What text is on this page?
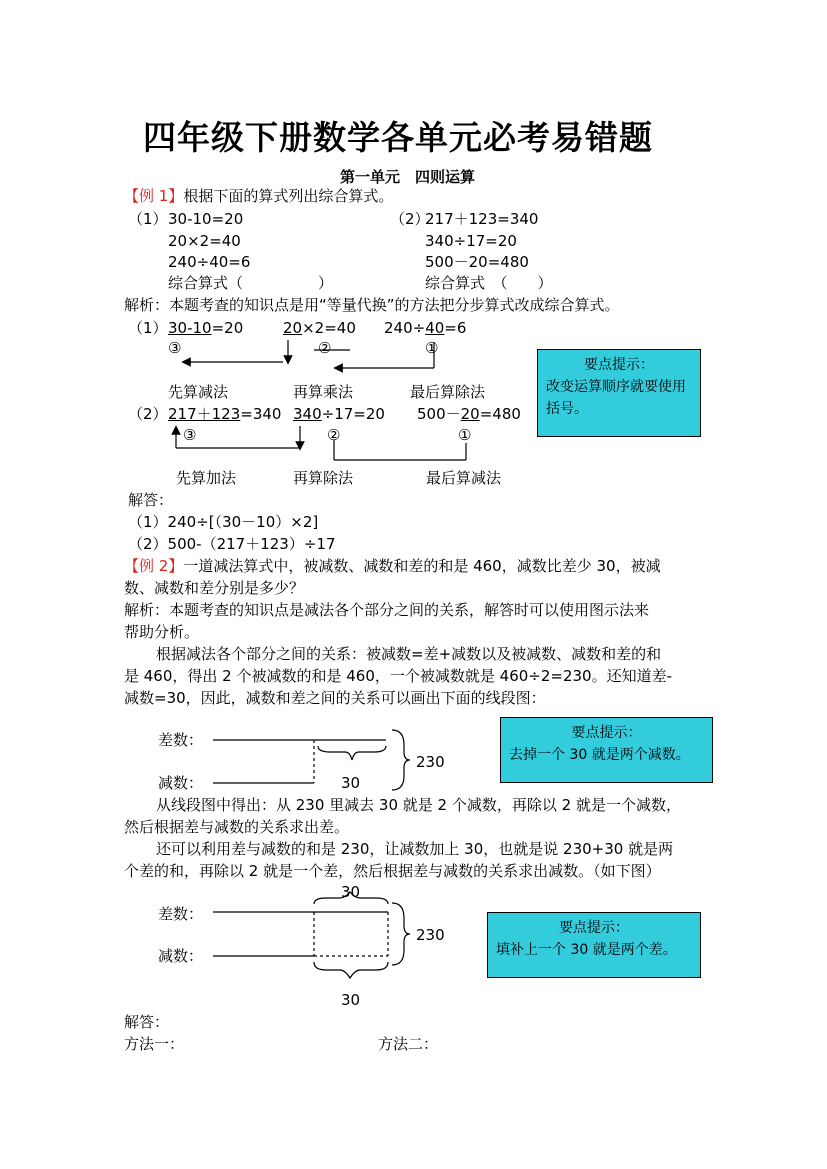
四年级下册数学各单元必考易错题
第一单元　四则运算
【例 1】根据下面的算式列出综合算式。
（1） 30-10=20
20×2=40
240÷40=6
综合算式（　　　　　）
（2）
217＋123=340
340÷17=20
500－20=480
综合算式　（　　）
解析：本题考查的知识点是用“等量代换”的方法把分步算式改成综合算式。
（1） 30-10=20	20×2=40 240÷40=6
③	②	①
先算减法	再算乘法	最后算除法
（2） 217＋123=340 340÷17=20 500－20=480
③	②	①
先算加法	再算除法	最后算减法
要点提示：
改变运算顺序就要使用括号。
解答：
（1）240÷[（30－10）×2]
（2）500-（217＋123）÷17
【例 2】一道减法算式中，被减数、减数和差的和是 460，减数比差少 30，被减
数、减数和差分别是多少？
解析：本题考查的知识点是减法各个部分之间的关系，解答时可以使用图示法来
帮助分析。
根据减法各个部分之间的关系：被减数=差+减数以及被减数、减数和差的和
是 460，得出 2 个被减数的和是 460，一个被减数就是 460÷2=230。还知道差-
减数=30，因此，减数和差之间的关系可以画出下面的线段图：
差数：
减数：	30
230
要点提示：
去掉一个 30 就是两个减数。
从线段图中得出：从 230 里减去 30 就是 2 个减数，再除以 2 就是一个减数，
然后根据差与减数的关系求出差。
还可以利用差与减数的和是 230，让减数加上 30，也就是说 230+30 就是两
个差的和，再除以 2 就是一个差，然后根据差与减数的关系求出减数。（如下图）
30
差数：
减数：
230
30
要点提示：
填补上一个 30 就是两个差。
解答：
方法一：	方法二：
